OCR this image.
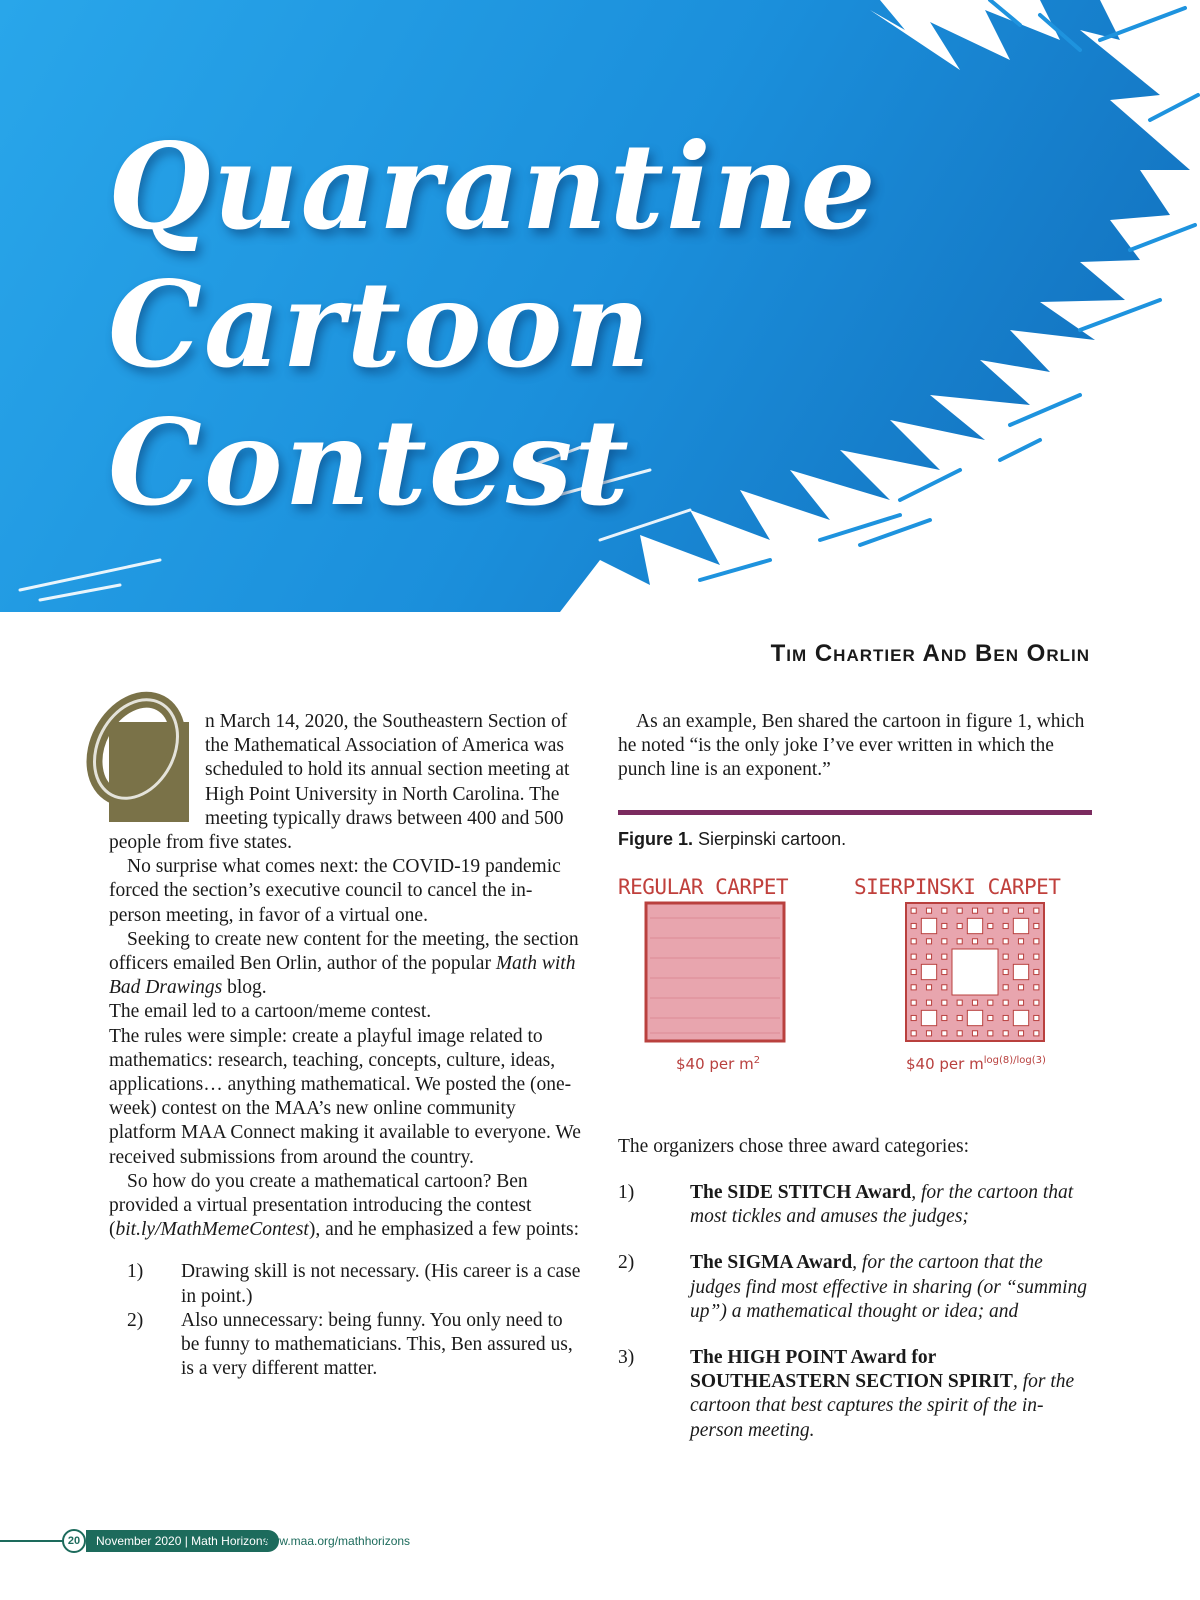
Quarantine
Cartoon
Contest
Tim Chartier And Ben Orlin

n March 14, 2020, the Southeastern Section of the Mathematical Association of America was scheduled to hold its annual section meeting at High Point University in North Carolina. The meeting typically draws between 400 and 500 people from five states.

No surprise what comes next: the COVID-19 pandemic forced the section’s executive council to cancel the in-person meeting, in favor of a virtual one.

Seeking to create new content for the meeting, the section officers emailed Ben Orlin, author of the popular Math with Bad Drawings blog.

The email led to a cartoon/meme contest.

The rules were simple: create a playful image related to mathematics: research, teaching, concepts, culture, ideas, applications… anything mathematical. We posted the (one-week) contest on the MAA’s new online community platform MAA Connect making it available to everyone. We received submissions from around the country.

So how do you create a mathematical cartoon? Ben provided a virtual presentation introducing the contest (bit.ly/MathMemeContest), and he emphasized a few points:

1)	Drawing skill is not necessary. (His career is a case in point.)
2)	Also unnecessary: being funny. You only need to be funny to mathematicians. This, Ben assured us, is a very different matter.

As an example, Ben shared the cartoon in figure 1, which he noted “is the only joke I’ve ever written in which the punch line is an exponent.”

Figure 1. Sierpinski cartoon.

REGULAR CARPET	SIERPINSKI CARPET
$40 per $m^2$	$40 per $m^{log(8)/log(3)}$

The organizers chose three award categories:

1)	The SIDE STITCH Award, for the cartoon that most tickles and amuses the judges;
2)	The SIGMA Award, for the cartoon that the judges find most effective in sharing (or “summing up”) a mathematical thought or idea; and
3)	The HIGH POINT Award for SOUTHEASTERN SECTION SPIRIT, for the cartoon that best captures the spirit of the in-person meeting.
20	November 2020 | Math Horizons
www.maa.org/mathhorizons
